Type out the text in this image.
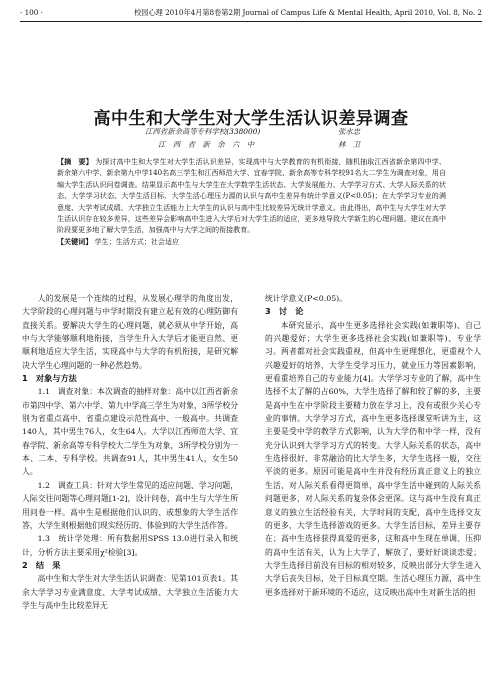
· 100 ·	校园心理 2010年4月第8卷第2期 Journal of Campus Life & Mental Health, April 2010, Vol. 8, No. 2
高中生和大学生对大学生活认识差异调查
江西省新余高等专科学校(338000)	张水忠
江　西　省　新　余　六　中	林　卫

【摘　要】 为探讨高中生和大学生对大学生活认识差异，实现高中与大学教育的有机衔接，随机抽取江西省新余第四中学、新余第六中学、新余第九中学140名高三学生和江西师范大学、宜春学院、新余高等专科学校91名大二学生为调查对象，用自编大学生活认识问卷调查。结果显示高中生与大学生在大学数学生活状态、大学发展能力、大学学习方式、大学人际关系的状态、大学学习状态、大学生活目标、大学生活心理压力源的认识与高中生差异有统计学意义(P<0.05)；在大学学习专业的满意度、大学考试成绩、大学独立生活能力上大学生的认识与高中生比较差异无统计学意义。由此得出，高中生与大学生对大学生活认识存在较多差异，这些差异会影响高中生进入大学后对大学生活的适应，更多地导致大学新生的心理问题。建议在高中阶段要更多地了解大学生活，加强高中与大学之间的衔接教育。

【关键词】 学生；生活方式；社会适应

人的发展是一个连续的过程，从发展心理学的角度出发，大学阶段的心理问题与中学时期没有建立起有效的心理防御有直接关系。要解决大学生的心理问题，就必须从中学开始，高中与大学能够顺利地衔接，当学生升入大学后才能更自然、更顺利地适应大学生活，实现高中与大学的有机衔接，是研究解决大学生心理问题的一种必然趋势。

1　对象与方法

1.1　调查对象：本次调查的抽样对象：高中以江西省新余市第四中学、第六中学、第九中学高三学生为对象，3所学校分别为省重点高中、省重点建设示范性高中、一般高中。共调查140人，其中男生76人，女生64人。大学以江西师范大学、宜春学院、新余高等专科学校大二学生为对象，3所学校分别为一本、二本、专科学校。共调查91人，其中男生41人，女生50人。

1.2　调查工具：针对大学生常见的适应问题、学习问题，人际交往问题等心理问题[1-2]，设计问卷，高中生与大学生所用问卷一样。高中生是根据他们认识的、或想象的大学生活作答，大学生则根据他们现实经历的、体验到的大学生活作答。

1.3　统计学处理：所有数据用SPSS 13.0进行录入和统计，分析方法主要采用χ²检验[3]。

2　结　果

高中生和大学生对大学生活认识调查：见第101页表1。其余大学学习专业满意度、大学考试成绩、大学独立生活能力大学生与高中生比较差异无

统计学意义(P<0.05)。

3　讨　论

本研究显示，高中生更多选择社会实践(如兼职等)、自己的兴趣爱好；大学生更多选择社会实践(如兼职等)、专业学习。两者都对社会实践重视，但高中生更理想化，更重视个人兴趣爱好的培养，大学生受学习压力，就业压力等因素影响，更看重培养自己的专业能力[4]。大学学习专业的了解，高中生选择不太了解的占60%，大学生选择了解和较了解的多，主要是高中生在中学阶段主要精力放在学习上，没有或很少关心专业的事情。大学学习方式，高中生更多选择课堂听讲为主，这主要是受中学的教学方式影响，认为大学仍和中学一样，没有充分认识到大学学习方式的转变。大学人际关系的状态，高中生选择很好、非常融洽的比大学生多，大学生选择一般，交往平淡的更多。原因可能是高中生并没有经历真正意义上的独立生活，对人际关系看得更简单，高中学生活中碰到的人际关系问题更多，对人际关系的复杂体会更深。这与高中生没有真正意义的独立生活经验有关，大学时间的支配，高中生选择交友的更多，大学生选择游戏的更多。大学生活目标，差异主要存在；高中生选择获得真爱的更多，这和高中生现在单调、压抑的高中生活有关，认为上大学了，解放了，要好好谈谈恋爱；大学生选择目前没有目标的相对较多，反映出部分大学生进入大学后丧失目标，处于目标真空期。生活心理压力源，高中生更多选择对于新环境的不适应，这反映出高中生对新生活的担
